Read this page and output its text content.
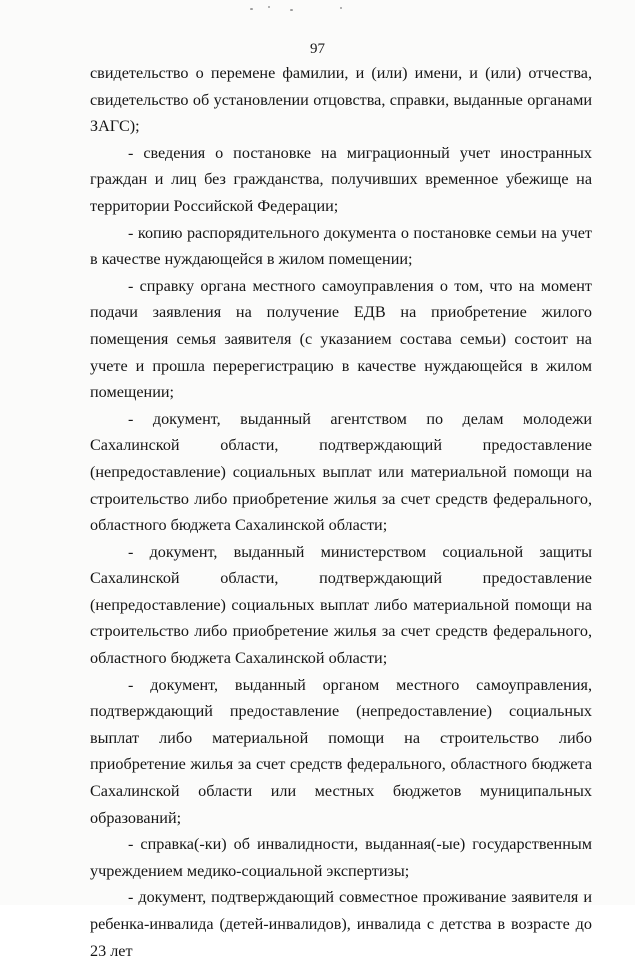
97

свидетельство о перемене фамилии, и (или) имени, и (или) отчества, свидетельство об установлении отцовства, справки, выданные органами ЗАГС);

- сведения о постановке на миграционный учет иностранных граждан и лиц без гражданства, получивших временное убежище на территории Российской Федерации;

- копию распорядительного документа о постановке семьи на учет в качестве нуждающейся в жилом помещении;

- справку органа местного самоуправления о том, что на момент подачи заявления на получение ЕДВ на приобретение жилого помещения семья заявителя (с указанием состава семьи) состоит на учете и прошла перерегистрацию в качестве нуждающейся в жилом помещении;

- документ, выданный агентством по делам молодежи Сахалинской области, подтверждающий предоставление (непредоставление) социальных выплат или материальной помощи на строительство либо приобретение жилья за счет средств федерального, областного бюджета Сахалинской области;

- документ, выданный министерством социальной защиты Сахалинской области, подтверждающий предоставление (непредоставление) социальных выплат либо материальной помощи на строительство либо приобретение жилья за счет средств федерального, областного бюджета Сахалинской области;

- документ, выданный органом местного самоуправления, подтверждающий предоставление (непредоставление) социальных выплат либо материальной помощи на строительство либо приобретение жилья за счет средств федерального, областного бюджета Сахалинской области или местных бюджетов муниципальных образований;

- справка(-ки) об инвалидности, выданная(-ые) государственным учреждением медико-социальной экспертизы;

- документ, подтверждающий совместное проживание заявителя и ребенка-инвалида (детей-инвалидов), инвалида с детства в возрасте до 23 лет
